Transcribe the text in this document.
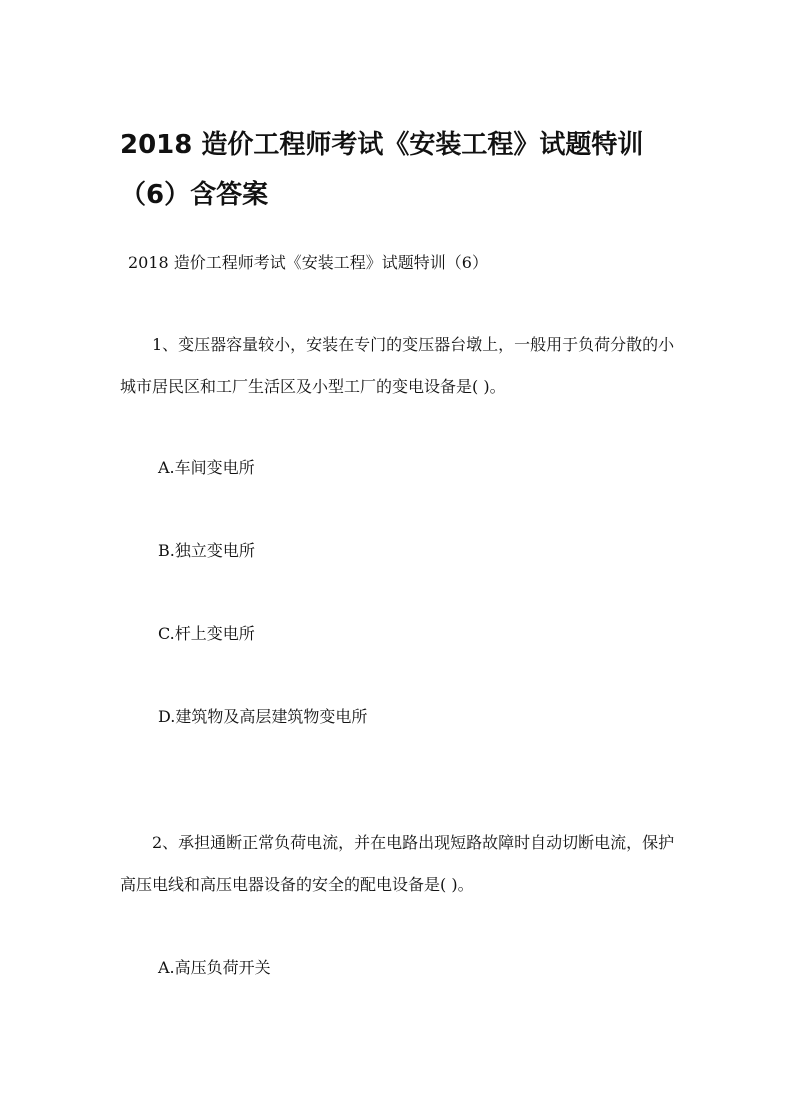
2018 造价工程师考试《安装工程》试题特训（6）含答案

2018 造价工程师考试《安装工程》试题特训（6）

1、变压器容量较小，安装在专门的变压器台墩上，一般用于负荷分散的小城市居民区和工厂生活区及小型工厂的变电设备是( )。

A.车间变电所

B.独立变电所

C.杆上变电所

D.建筑物及高层建筑物变电所

2、承担通断正常负荷电流，并在电路出现短路故障时自动切断电流，保护高压电线和高压电器设备的安全的配电设备是( )。

A.高压负荷开关
